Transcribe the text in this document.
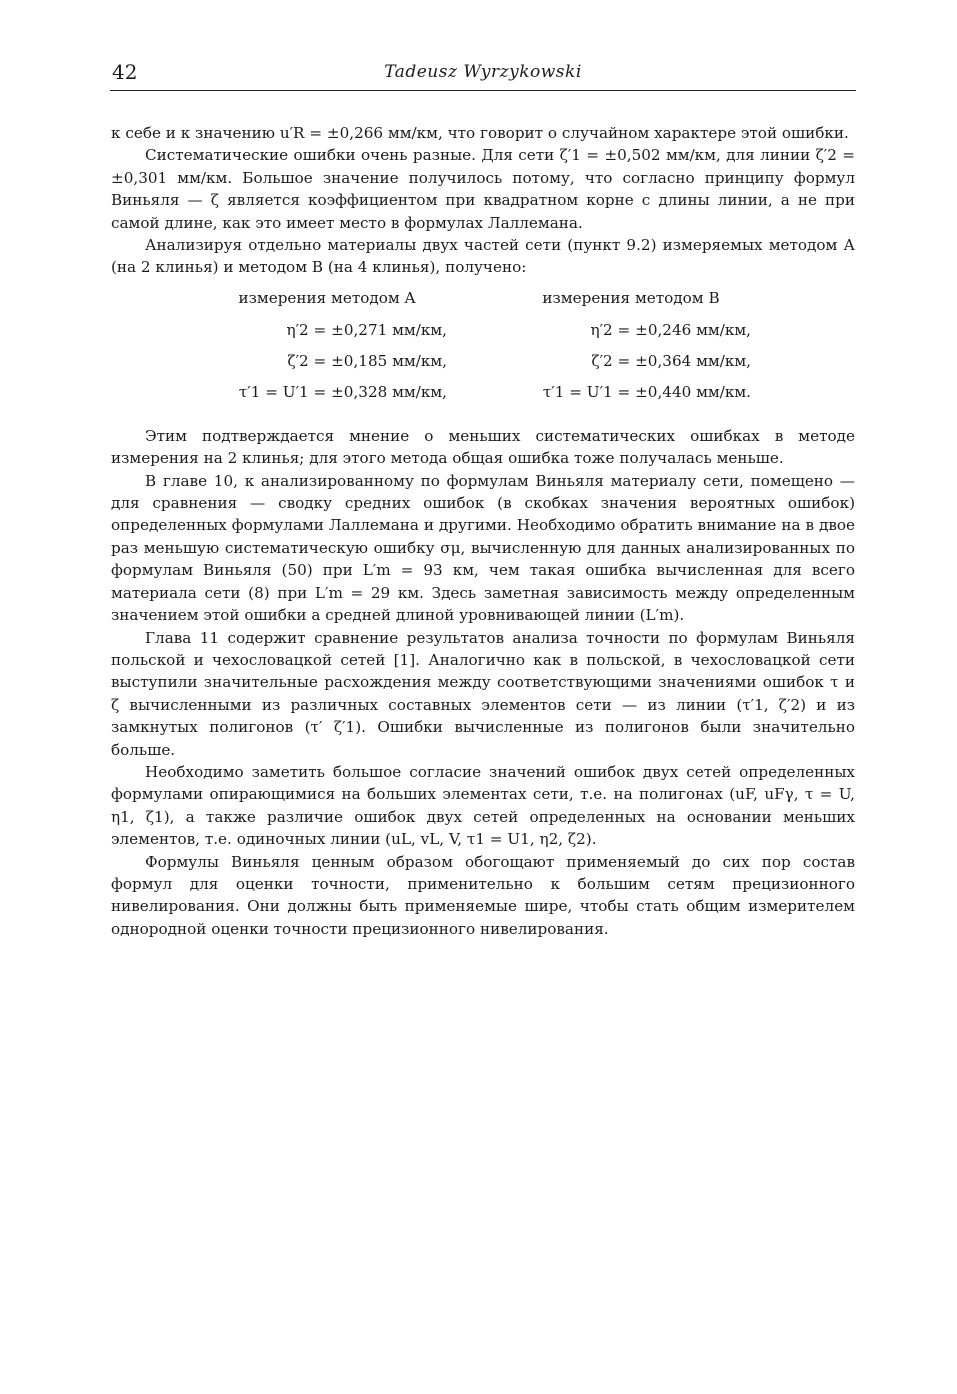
42	Tadeusz Wyrzykowski

к себе и к значению u′R = ±0,266 мм/км, что говорит о случайном характере этой ошибки.

Систематические ошибки очень разные. Для сети ζ′1 = ±0,502 мм/км, для линии ζ′2 = ±0,301 мм/км. Большое значение получилось потому, что согласно принципу формул Виньяля — ζ является коэффициентом при квадратном корне с длины линии, а не при самой длине, как это имеет место в формулах Лаллемана.

Анализируя отдельно материалы двух частей сети (пункт 9.2) измеряемых методом А (на 2 клинья) и методом В (на 4 клинья), получено:

измерения методом A
η′2 = ±0,271 мм/км,
ζ′2 = ±0,185 мм/км,
τ′1 = U′1 = ±0,328 мм/км,
измерения методом B
η′2 = ±0,246 мм/км,
ζ′2 = ±0,364 мм/км,
τ′1 = U′1 = ±0,440 мм/км.

Этим подтверждается мнение о меньших систематических ошибках в методе измерения на 2 клинья; для этого метода общая ошибка тоже получалась меньше.

В главе 10, к анализированному по формулам Виньяля материалу сети, помещено — для сравнения — сводку средних ошибок (в скобках значения вероятных ошибок) определенных формулами Лаллемана и другими. Необходимо обратить внимание на в двое раз меньшую систематическую ошибку σμ, вычисленную для данных анализированных по формулам Виньяля (50) при L′m = 93 км, чем такая ошибка вычисленная для всего материала сети (8) при L′m = 29 км. Здесь заметная зависимость между определенным значением этой ошибки а средней длиной уровнивающей линии (L′m).

Глава 11 содержит сравнение результатов анализа точности по формулам Виньяля польской и чехословацкой сетей [1]. Аналогично как в польской, в чехословацкой сети выступили значительные расхождения между соответствующими значениями ошибок τ и ζ вычисленными из различных составных элементов сети — из линии (τ′1, ζ′2) и из замкнутых полигонов (τ′ ζ′1). Ошибки вычисленные из полигонов были значительно больше.

Необходимо заметить большое согласие значений ошибок двух сетей определенных формулами опирающимися на больших элементах сети, т.е. на полигонах (uF, uFγ, τ = U, η1, ζ1), а также различие ошибок двух сетей определенных на основании меньших элементов, т.е. одиночных линии (uL, vL, V, τ1 = U1, η2, ζ2).

Формулы Виньяля ценным образом обогощают применяемый до сих пор состав формул для оценки точности, применительно к большим сетям прецизионного нивелирования. Они должны быть применяемые шире, чтобы стать общим измерителем однородной оценки точности прецизионного нивелирования.
